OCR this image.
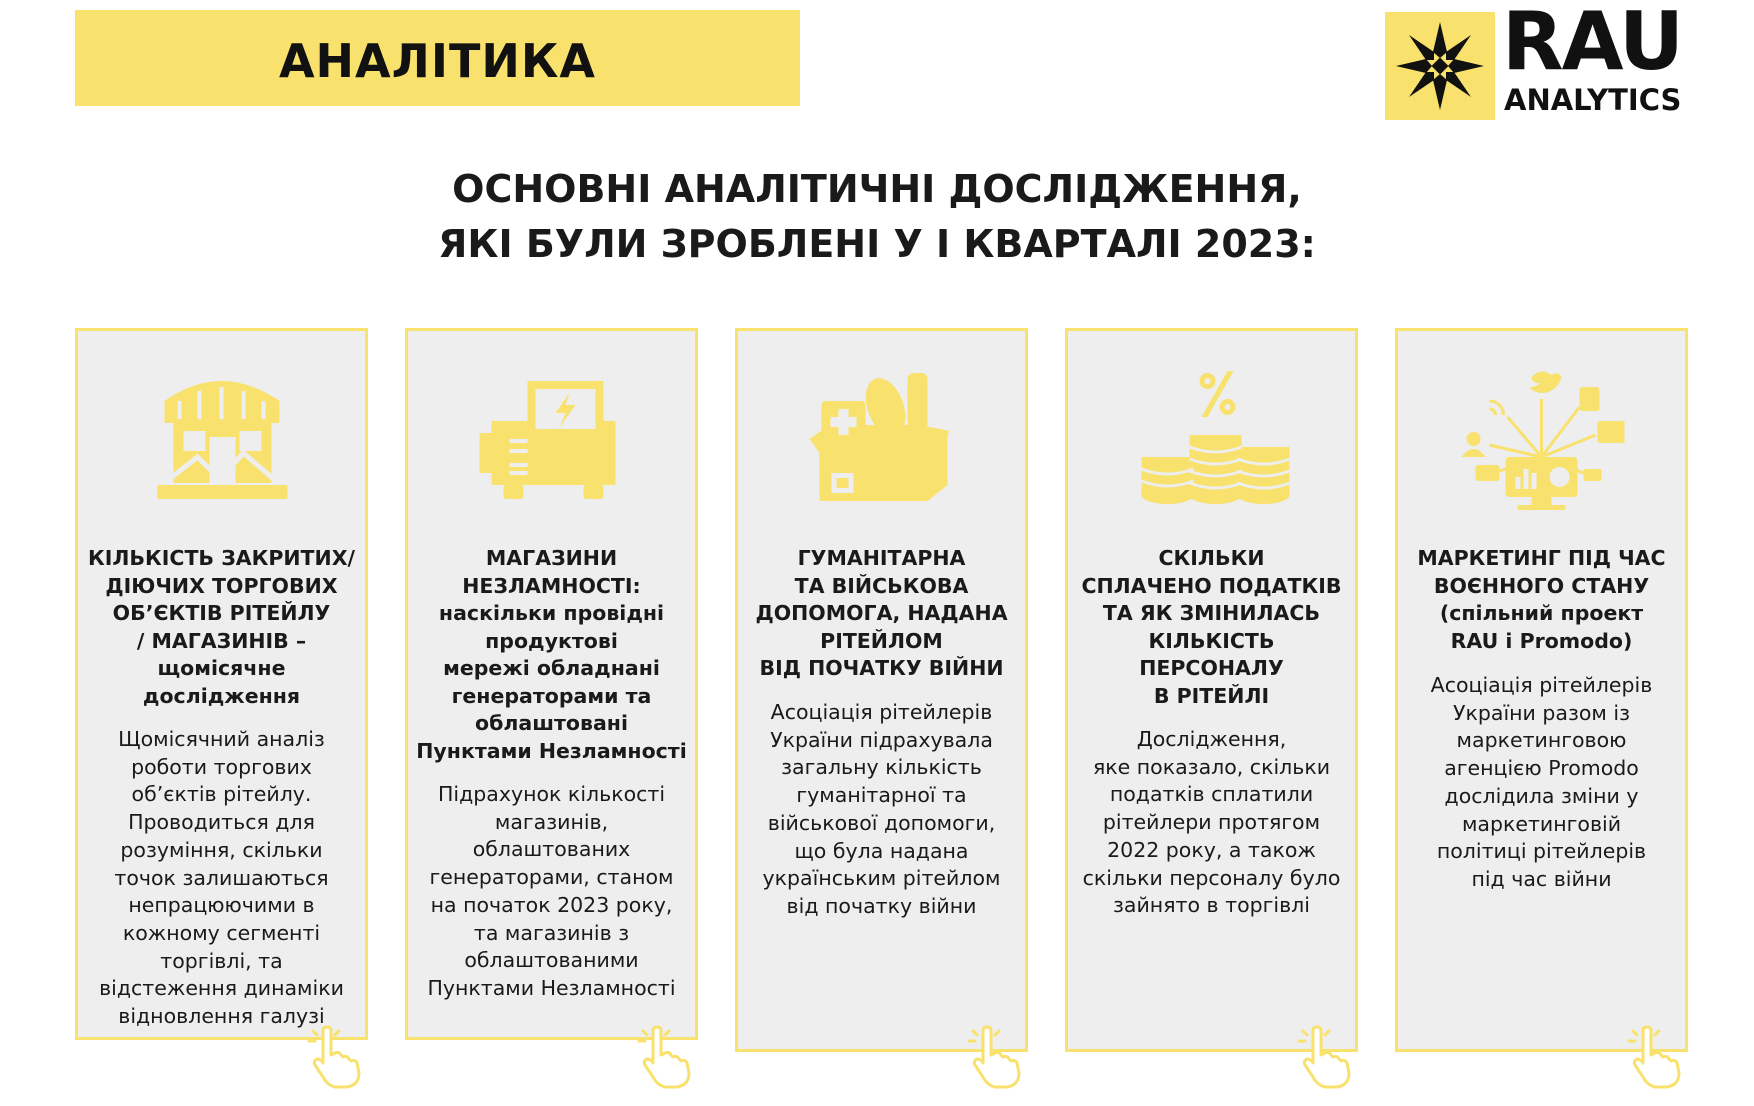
АНАЛІТИКА	RAU
ANALYTICS
ОСНОВНІ АНАЛІТИЧНІ ДОСЛІДЖЕННЯ,
ЯКІ БУЛИ ЗРОБЛЕНІ У І КВАРТАЛІ 2023:
КІЛЬКІСТЬ ЗАКРИТИХ/
ДІЮЧИХ ТОРГОВИХ
ОБ’ЄКТІВ РІТЕЙЛУ
/ МАГАЗИНІВ –
щомісячне
дослідження
Щомісячний аналіз
роботи торгових
об’єктів рітейлу.
Проводиться для
розуміння, скільки
точок залишаються
непрацюючими в
кожному сегменті
торгівлі, та
відстеження динаміки
відновлення галузі
МАГАЗИНИ
НЕЗЛАМНОСТІ:
наскільки провідні
продуктові
мережі обладнані
генераторами та
облаштовані
Пунктами Незламності
Підрахунок кількості
магазинів,
облаштованих
генераторами, станом
на початок 2023 року,
та магазинів з
облаштованими
Пунктами Незламності
ГУМАНІТАРНА
ТА ВІЙСЬКОВА
ДОПОМОГА, НАДАНА
РІТЕЙЛОМ
ВІД ПОЧАТКУ ВІЙНИ
Асоціація рітейлерів
України підрахувала
загальну кількість
гуманітарної та
військової допомоги,
що була надана
українським рітейлом
від початку війни
СКІЛЬКИ
СПЛАЧЕНО ПОДАТКІВ
ТА ЯК ЗМІНИЛАСЬ
КІЛЬКІСТЬ
ПЕРСОНАЛУ
В РІТЕЙЛІ
Дослідження,
яке показало, скільки
податків сплатили
рітейлери протягом
2022 року, а також
скільки персоналу було
зайнято в торгівлі
МАРКЕТИНГ ПІД ЧАС
ВОЄННОГО СТАНУ
(спільний проект
RAU і Promodo)
Асоціація рітейлерів
України разом із
маркетинговою
агенцією Promodo
дослідила зміни у
маркетинговій
політиці рітейлерів
під час війни
